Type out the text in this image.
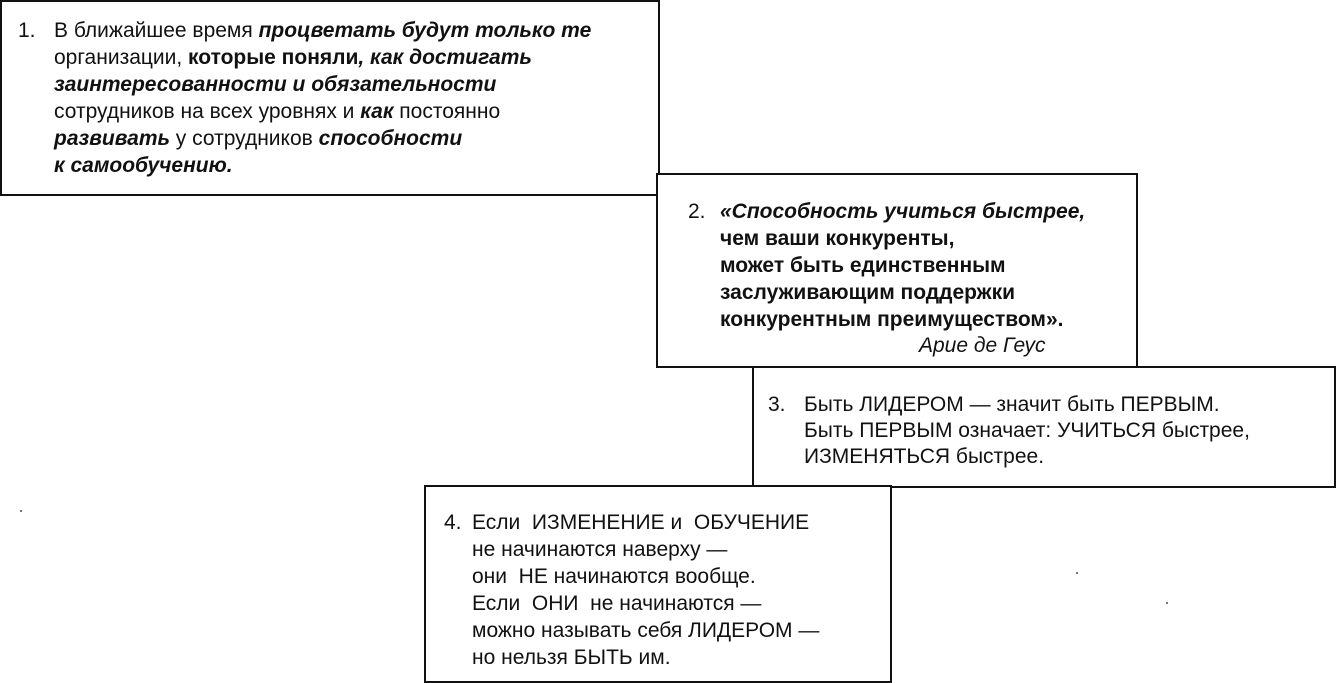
1. В ближайшее время процветать будут только те
организации, которые поняли, как достигать
заинтересованности и обязательности
сотрудников на всех уровнях и как постоянно
развивать у сотрудников способности
к самообучению.
2. «Способность учиться быстрее,
чем ваши конкуренты,
может быть единственным
заслуживающим поддержки
конкурентным преимуществом».
Арие де Геус
3. Быть ЛИДЕРОМ — значит быть ПЕРВЫМ.
Быть ПЕРВЫМ означает: УЧИТЬСЯ быстрее,
ИЗМЕНЯТЬСЯ быстрее.
4. Если  ИЗМЕНЕНИЕ и  ОБУЧЕНИЕ
не начинаются наверху —
они  НЕ начинаются вообще.
Если  ОНИ  не начинаются —
можно называть себя ЛИДЕРОМ —
но нельзя БЫТЬ им.
